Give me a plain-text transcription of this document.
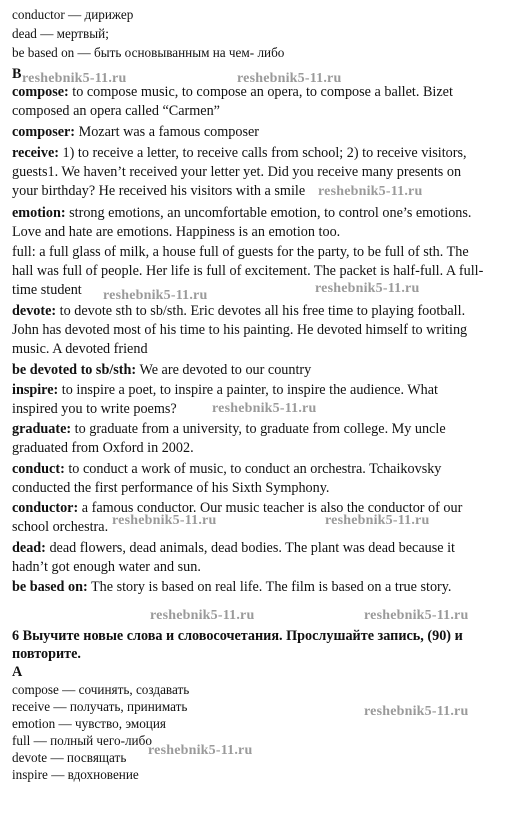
conductor — дирижер
dead — мертвый;
be based on — быть основыванным на чем- либо
B
compose: to compose music, to compose an opera, to compose a ballet. Bizet
composed an opera called “Carmen”
composer: Mozart was a famous composer
receive: 1) to receive a letter, to receive calls from school; 2) to receive visitors,
guests1. We haven’t received your letter yet. Did you receive many presents on
your birthday? He received his visitors with a smile
emotion: strong emotions, an uncomfortable emotion, to control one’s emotions.
Love and hate are emotions. Happiness is an emotion too.
full: a full glass of milk, a house full of guests for the party, to be full of sth. The
hall was full of people. Her life is full of excitement. The packet is half-full. A full-
time student
devote: to devote sth to sb/sth. Eric devotes all his free time to playing football.
John has devoted most of his time to his painting. He devoted himself to writing
music. A devoted friend
be devoted to sb/sth: We are devoted to our country
inspire: to inspire a poet, to inspire a painter, to inspire the audience. What
inspired you to write poems?
graduate: to graduate from a university, to graduate from college. My uncle
graduated from Oxford in 2002.
conduct: to conduct a work of music, to conduct an orchestra. Tchaikovsky
conducted the first performance of his Sixth Symphony.
conductor: a famous conductor. Our music teacher is also the conductor of our
school orchestra.
dead: dead flowers, dead animals, dead bodies. The plant was dead because it
hadn’t got enough water and sun.
be based on: The story is based on real life. The film is based on a true story.
6 Выучите новые слова и словосочетания. Прослушайте запись, (90) и
повторите.
A
compose — сочинять, создавать
receive — получать, принимать
emotion — чувство, эмоция
full — полный чего-либо
devote — посвящать
inspire — вдохновение
reshebnik5-11.ru	reshebnik5-11.ru
reshebnik5-11.ru
reshebnik5-11.ru
reshebnik5-11.ru
reshebnik5-11.ru
reshebnik5-11.ru	reshebnik5-11.ru
reshebnik5-11.ru	reshebnik5-11.ru
reshebnik5-11.ru
reshebnik5-11.ru
